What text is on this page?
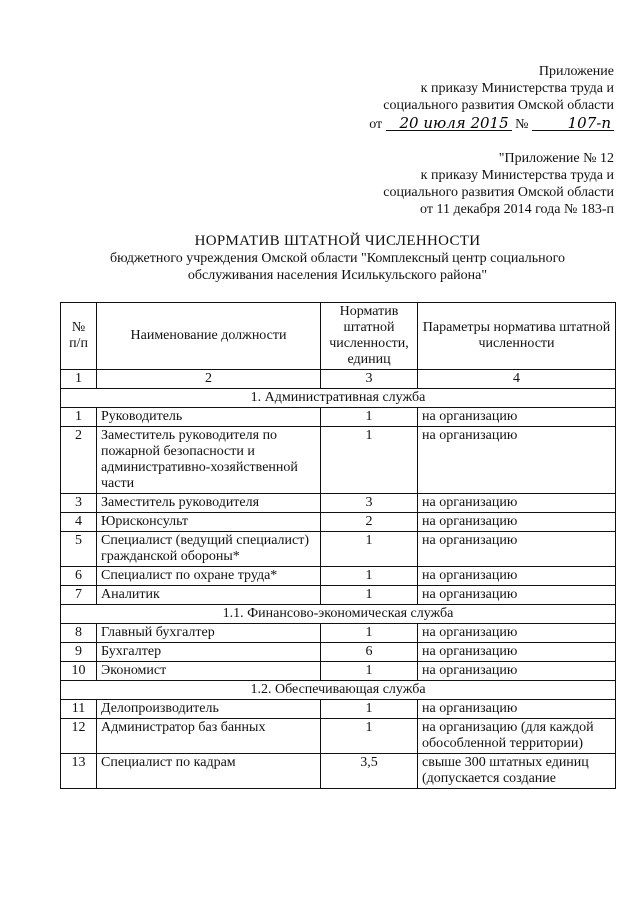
Приложение
к приказу Министерства труда и
социального развития Омской области
от 20 июля 2015 №	107-п
"Приложение № 12
к приказу Министерства труда и
социального развития Омской области
от 11 декабря 2014 года № 183-п
НОРМАТИВ ШТАТНОЙ ЧИСЛЕННОСТИ
бюджетного учреждения Омской области "Комплексный центр социального
обслуживания населения Исилькульского района"
№ п/п	Наименование должности	Норматив штатной численности, единиц	Параметры норматива штатной численности
1	2	3	4
1. Административная служба			
1	Руководитель	1	на организацию
2	Заместитель руководителя по пожарной безопасности и административно-хозяйственной части	1	на организацию
3	Заместитель руководителя	3	на организацию
4	Юрисконсульт	2	на организацию
5	Специалист (ведущий специалист) гражданской обороны*	1	на организацию
6	Специалист по охране труда*	1	на организацию
7	Аналитик	1	на организацию
1.1. Финансово-экономическая служба			
8	Главный бухгалтер	1	на организацию
9	Бухгалтер	6	на организацию
10	Экономист	1	на организацию
1.2. Обеспечивающая служба			
11	Делопроизводитель	1	на организацию
12	Администратор баз банных	1	на организацию (для каждой обособленной территории)
13	Специалист по кадрам	3,5	свыше 300 штатных единиц (допускается создание
